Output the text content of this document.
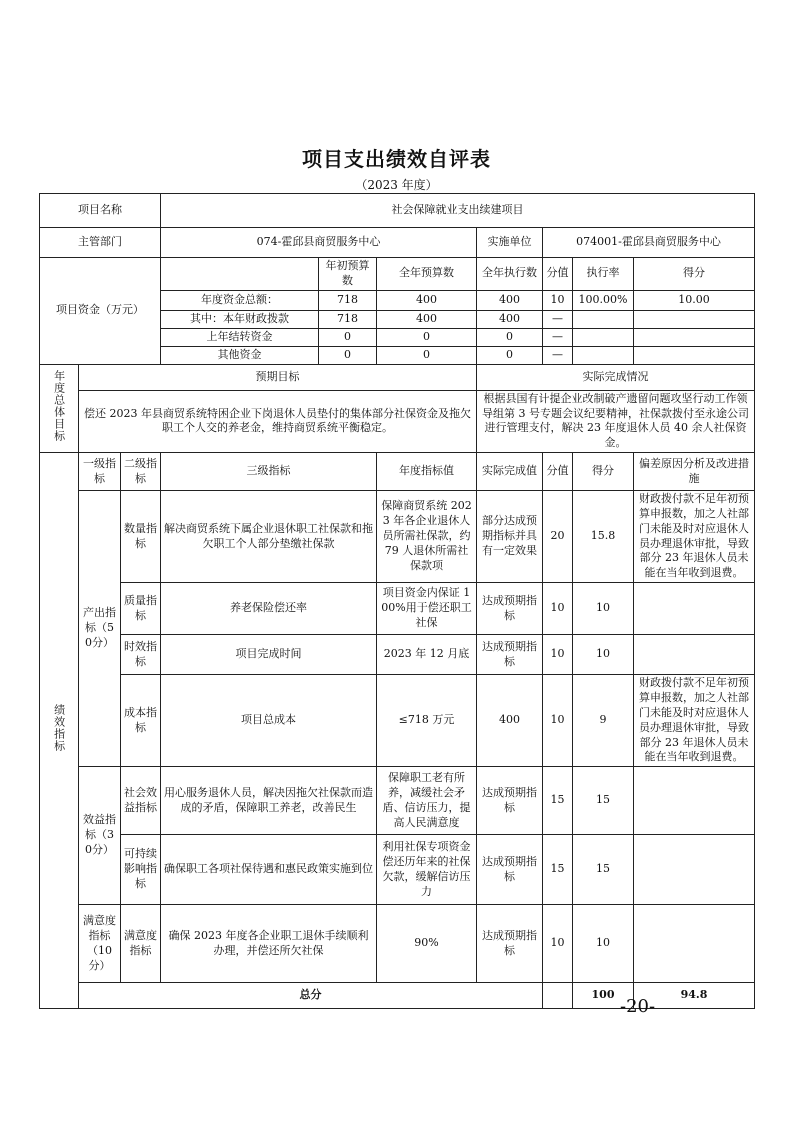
项目支出绩效自评表
（2023 年度）
项目名称			社会保障就业支出续建项目							
主管部门			074-霍邱县商贸服务中心			实施单位	074001-霍邱县商贸服务中心			
项目资金（万元）				年初预算数	全年预算数	全年执行数	分值	执行率	得分	
			年度资金总额：	718	400	400	10	100.00%	10.00	
			其中：本年财政拨款	718	400	400	—			
			上年结转资金	0	0	0	—			
			其他资金	0	0	0	—			
年度总体目标	预期目标					实际完成情况				
	偿还 2023 年县商贸系统特困企业下岗退休人员垫付的集体部分社保资金及拖欠职工个人交的养老金，维持商贸系统平衡稳定。					根据县国有计提企业改制破产遗留问题攻坚行动工作领导组第 3 号专题会议纪要精神，社保款拨付至永途公司进行管理支付，解决 23 年度退休人员 40 余人社保资金。				
绩效指标	一级指标	二级指标	三级指标		年度指标值	实际完成值	分值	得分	偏差原因分析及改进措施	
	产出指标（50分）	数量指标	解决商贸系统下属企业退休职工社保款和拖欠职工个人部分垫缴社保款		保障商贸系统 2023 年各企业退休人员所需社保款，约 79 人退休所需社保款项	部分达成预期指标并具有一定效果	20	15.8	财政拨付款不足年初预算申报数，加之人社部门未能及时对应退休人员办理退休审批，导致部分 23 年退休人员未能在当年收到退费。	
		质量指标	养老保险偿还率		项目资金内保证 100%用于偿还职工社保	达成预期指标	10	10		
		时效指标	项目完成时间		2023 年 12 月底	达成预期指标	10	10		
		成本指标	项目总成本		≤718 万元	400	10	9	财政拨付款不足年初预算申报数，加之人社部门未能及时对应退休人员办理退休审批，导致部分 23 年退休人员未能在当年收到退费。	
	效益指标（30分）	社会效益指标	用心服务退休人员，解决因拖欠社保款而造成的矛盾，保障职工养老，改善民生		保障职工老有所养，减缓社会矛盾、信访压力，提高人民满意度	达成预期指标	15	15		
		可持续影响指标	确保职工各项社保待遇和惠民政策实施到位		利用社保专项资金偿还历年来的社保欠款，缓解信访压力	达成预期指标	15	15		
	满意度指标（10分）	满意度指标	确保 2023 年度各企业职工退休手续顺利办理，并偿还所欠社保		90%	达成预期指标	10	10		
	总分							100	94.8	
-20-
